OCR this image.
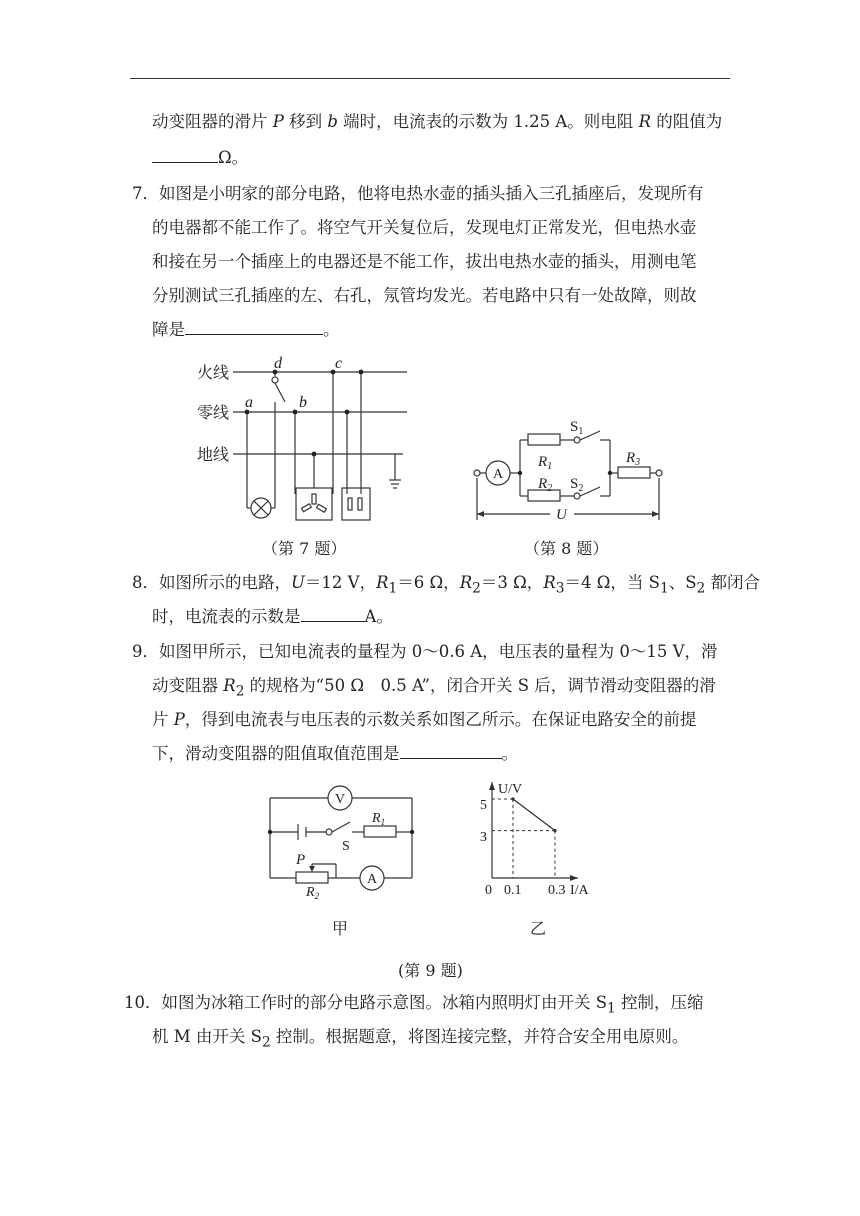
动变阻器的滑片 P 移到 b 端时，电流表的示数为 1.25 A。则电阻 R 的阻值为
Ω。
7．如图是小明家的部分电路，他将电热水壶的插头插入三孔插座后，发现所有
的电器都不能工作了。将空气开关复位后，发现电灯正常发光，但电热水壶
和接在另一个插座上的电器还是不能工作，拔出电热水壶的插头，用测电笔
分别测试三孔插座的左、右孔，氖管均发光。若电路中只有一处故障，则故
障是	。
火线
零线
地线
a	b
c
d
（第 7 题）
A
$R_1$
$R_2$
$R_3$
$S_1$
$S_2$
U
（第 8 题）
8．如图所示的电路，U＝12 V，$R_1=6$ Ω，$R_2=3$ Ω，$R_3=4$ Ω，当 $S_1$、$S_2$ 都闭合
时，电流表的示数是	A。
9．如图甲所示，已知电流表的量程为 0～0.6 A，电压表的量程为 0～15 V，滑
动变阻器 $R_2$ 的规格为“50 Ω　0.5 A”，闭合开关 S 后，调节滑动变阻器的滑
片 P，得到电流表与电压表的示数关系如图乙所示。在保证电路安全的前提
下，滑动变阻器的阻值取值范围是	。
V
A
$R_1$
S
P
$R_2$
甲
U/V
I/A
5
3
0 0.1 0.3
乙
(第 9 题)
10．如图为冰箱工作时的部分电路示意图。冰箱内照明灯由开关 $S_1$ 控制，压缩
机 M 由开关 $S_2$ 控制。根据题意，将图连接完整，并符合安全用电原则。
